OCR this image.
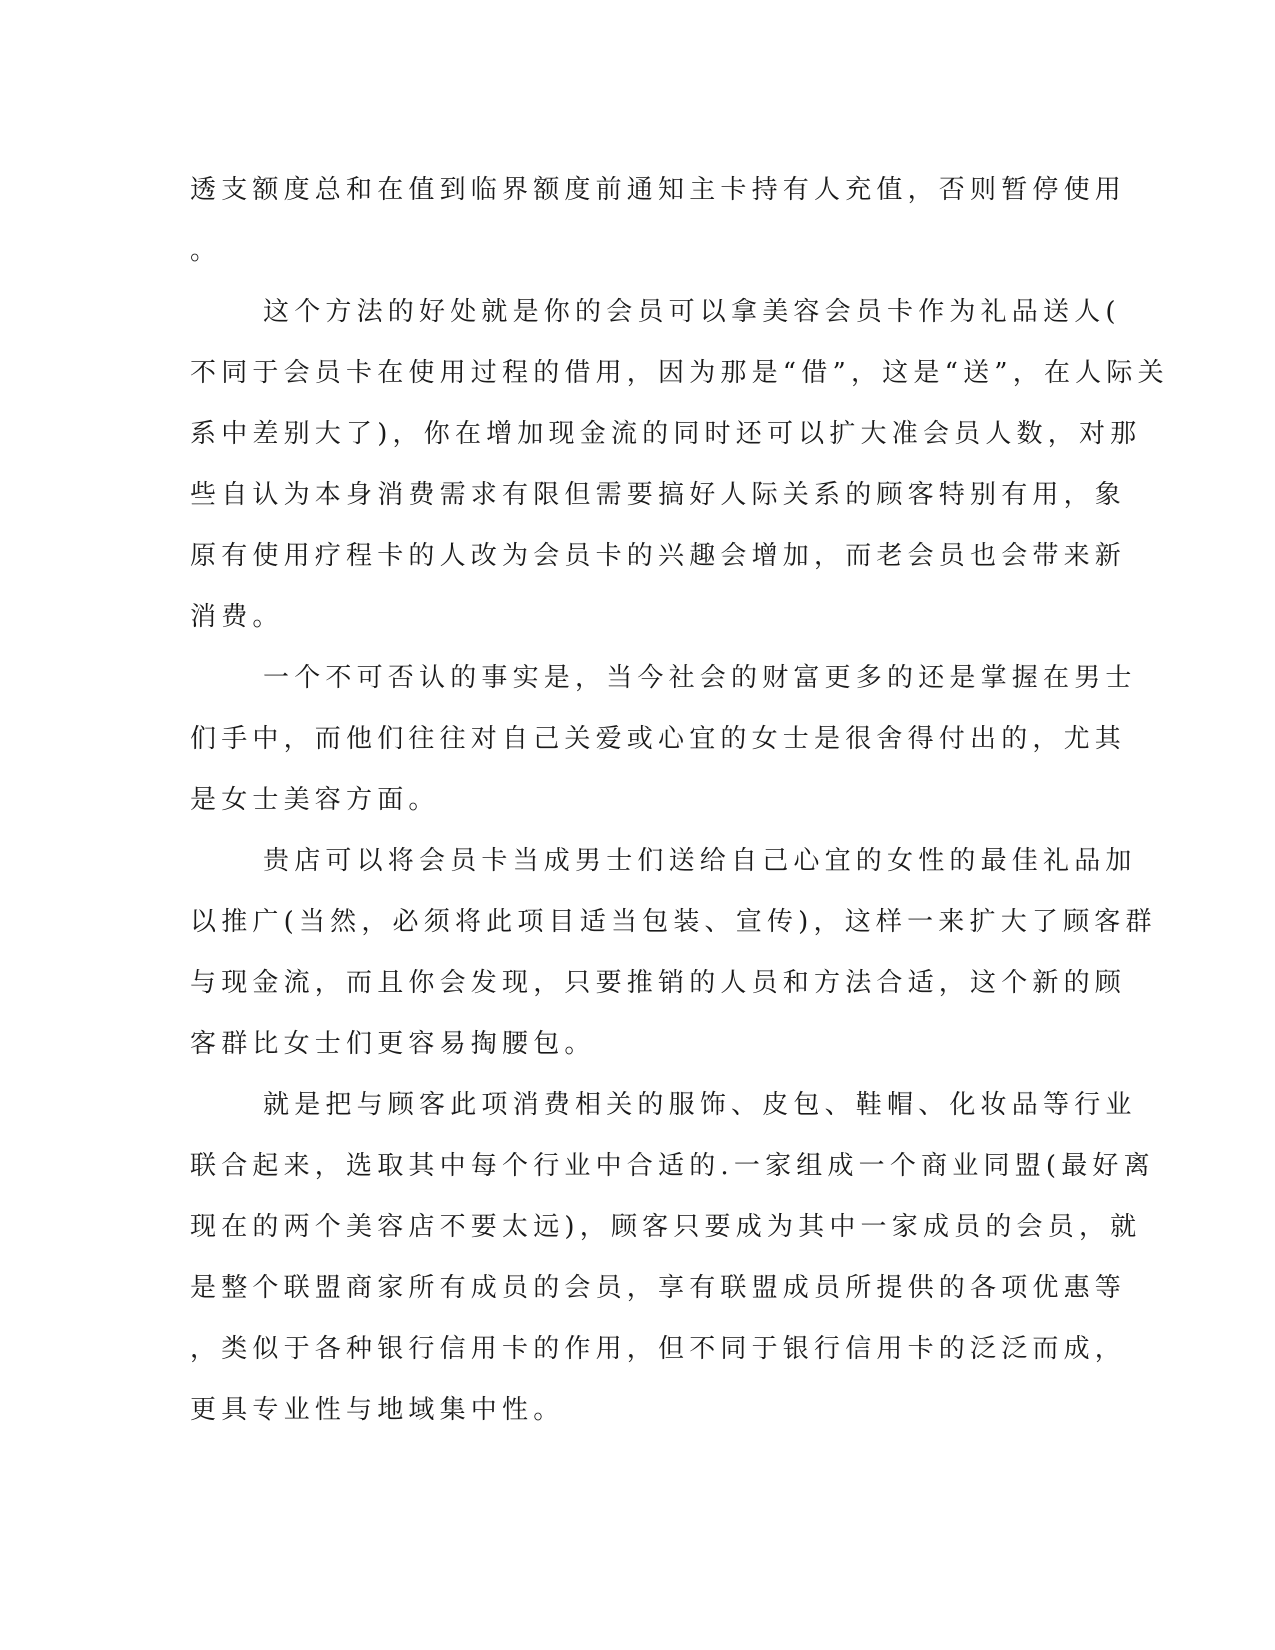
透支额度总和在值到临界额度前通知主卡持有人充值，否则暂停使用

。

这个方法的好处就是你的会员可以拿美容会员卡作为礼品送人(

不同于会员卡在使用过程的借用，因为那是“借”，这是“送”，在人际关

系中差别大了)，你在增加现金流的同时还可以扩大准会员人数，对那

些自认为本身消费需求有限但需要搞好人际关系的顾客特别有用，象

原有使用疗程卡的人改为会员卡的兴趣会增加，而老会员也会带来新

消费。

一个不可否认的事实是，当今社会的财富更多的还是掌握在男士

们手中，而他们往往对自己关爱或心宜的女士是很舍得付出的，尤其

是女士美容方面。

贵店可以将会员卡当成男士们送给自己心宜的女性的最佳礼品加

以推广(当然，必须将此项目适当包装、宣传)，这样一来扩大了顾客群

与现金流，而且你会发现，只要推销的人员和方法合适，这个新的顾

客群比女士们更容易掏腰包。

就是把与顾客此项消费相关的服饰、皮包、鞋帽、化妆品等行业

联合起来，选取其中每个行业中合适的.一家组成一个商业同盟(最好离

现在的两个美容店不要太远)，顾客只要成为其中一家成员的会员，就

是整个联盟商家所有成员的会员，享有联盟成员所提供的各项优惠等

，类似于各种银行信用卡的作用，但不同于银行信用卡的泛泛而成，

更具专业性与地域集中性。
